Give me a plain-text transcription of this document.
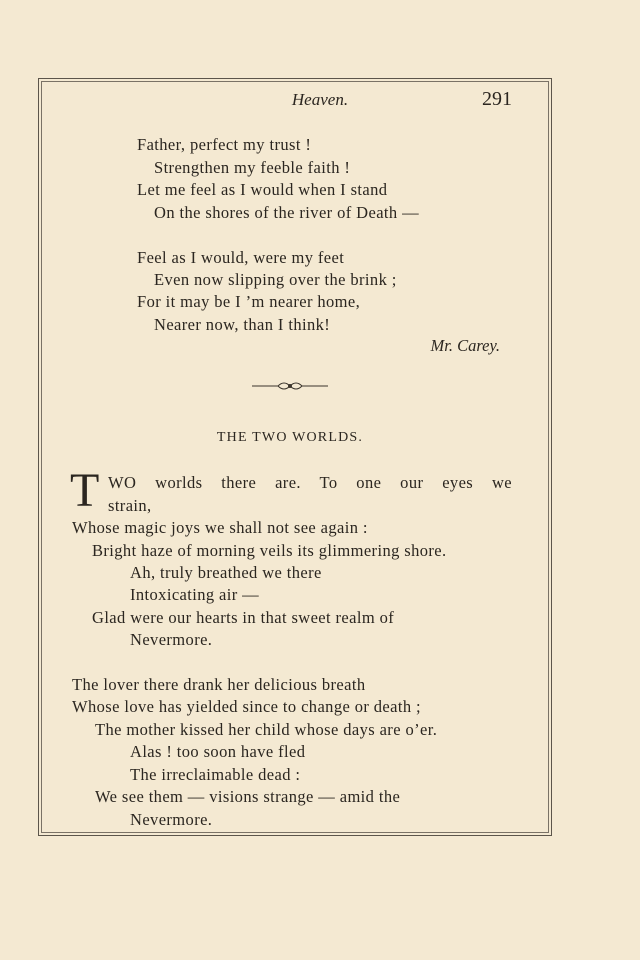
Heaven.	291
Father, perfect my trust !
Strengthen my feeble faith !
Let me feel as I would when I stand
On the shores of the river of Death —
Feel as I would, were my feet
Even now slipping over the brink ;
For it may be I ’m nearer home,
Nearer now, than I think!
Mr. Carey.
THE TWO WORLDS.
T WO worlds there are. To one our eyes we
strain,
Whose magic joys we shall not see again :
Bright haze of morning veils its glimmering shore.
Ah, truly breathed we there
Intoxicating air —
Glad were our hearts in that sweet realm of
Nevermore.
The lover there drank her delicious breath
Whose love has yielded since to change or death ;
The mother kissed her child whose days are o’er.
Alas ! too soon have fled
The irreclaimable dead :
We see them — visions strange — amid the
Nevermore.
